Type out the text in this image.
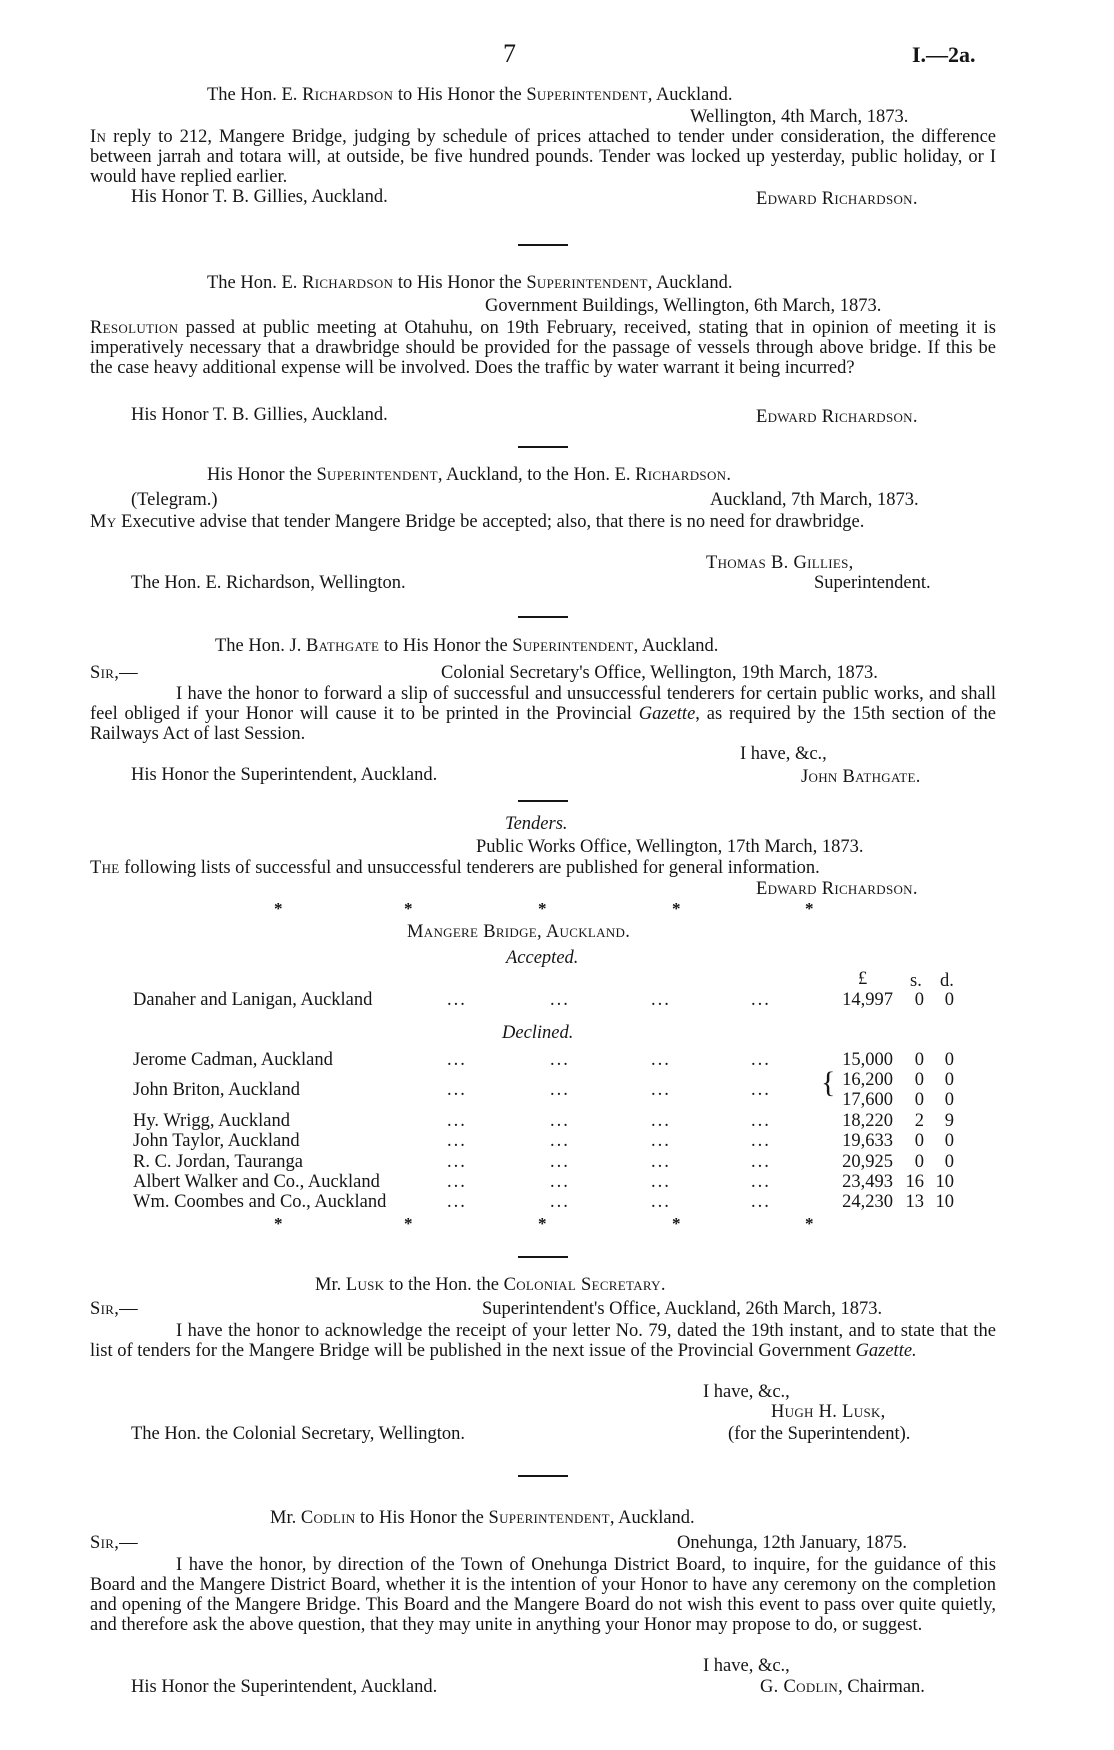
7	I.—2a.
The Hon. E. Richardson to His Honor the Superintendent, Auckland.
Wellington, 4th March, 1873.
In reply to 212, Mangere Bridge, judging by schedule of prices attached to tender under consideration, the difference between jarrah and totara will, at outside, be five hundred pounds. Tender was locked up yesterday, public holiday, or I would have replied earlier.
His Honor T. B. Gillies, Auckland.	Edward Richardson.
The Hon. E. Richardson to His Honor the Superintendent, Auckland.
Government Buildings, Wellington, 6th March, 1873.
Resolution passed at public meeting at Otahuhu, on 19th February, received, stating that in opinion of meeting it is imperatively necessary that a drawbridge should be provided for the passage of vessels through above bridge. If this be the case heavy additional expense will be involved. Does the traffic by water warrant it being incurred?
His Honor T. B. Gillies, Auckland.	Edward Richardson.
His Honor the Superintendent, Auckland, to the Hon. E. Richardson.
(Telegram.)	Auckland, 7th March, 1873.
My Executive advise that tender Mangere Bridge be accepted; also, that there is no need for drawbridge.
Thomas B. Gillies,
The Hon. E. Richardson, Wellington.	Superintendent.
The Hon. J. Bathgate to His Honor the Superintendent, Auckland.
Sir,—	Colonial Secretary's Office, Wellington, 19th March, 1873.
I have the honor to forward a slip of successful and unsuccessful tenderers for certain public works, and shall feel obliged if your Honor will cause it to be printed in the Provincial Gazette, as required by the 15th section of the Railways Act of last Session.
I have, &c.,
His Honor the Superintendent, Auckland.	John Bathgate.
Tenders.
Public Works Office, Wellington, 17th March, 1873.
The following lists of successful and unsuccessful tenderers are published for general information.
Edward Richardson.
*	*	*	*	*
Mangere Bridge, Auckland.
Accepted.
£ s. d.
Danaher and Lanigan, Auckland	...	...	...	...	14,997	0	0
Declined.
Jerome Cadman, Auckland	...	...	...	...	15,000	0	0
John Briton, Auckland	...	...	...	... { 16,200	0	0
17,600	0	0
Hy. Wrigg, Auckland	...	...	...	...	18,220	2	9
John Taylor, Auckland	...	...	...	...	19,633	0	0
R. C. Jordan, Tauranga	...	...	...	...	20,925	0	0
Albert Walker and Co., Auckland	...	...	...	...	23,493 16 10
Wm. Coombes and Co., Auckland	...	...	...	...	24,230 13 10
*	*	*	*	*
Mr. Lusk to the Hon. the Colonial Secretary.
Sir,—	Superintendent's Office, Auckland, 26th March, 1873.
I have the honor to acknowledge the receipt of your letter No. 79, dated the 19th instant, and to state that the list of tenders for the Mangere Bridge will be published in the next issue of the Provincial Government Gazette.
I have, &c.,
Hugh H. Lusk,
The Hon. the Colonial Secretary, Wellington.	(for the Superintendent).
Mr. Codlin to His Honor the Superintendent, Auckland.
Sir,—	Onehunga, 12th January, 1875.
I have the honor, by direction of the Town of Onehunga District Board, to inquire, for the guidance of this Board and the Mangere District Board, whether it is the intention of your Honor to have any ceremony on the completion and opening of the Mangere Bridge. This Board and the Mangere Board do not wish this event to pass over quite quietly, and therefore ask the above question, that they may unite in anything your Honor may propose to do, or suggest.
I have, &c.,
His Honor the Superintendent, Auckland.	G. Codlin, Chairman.
